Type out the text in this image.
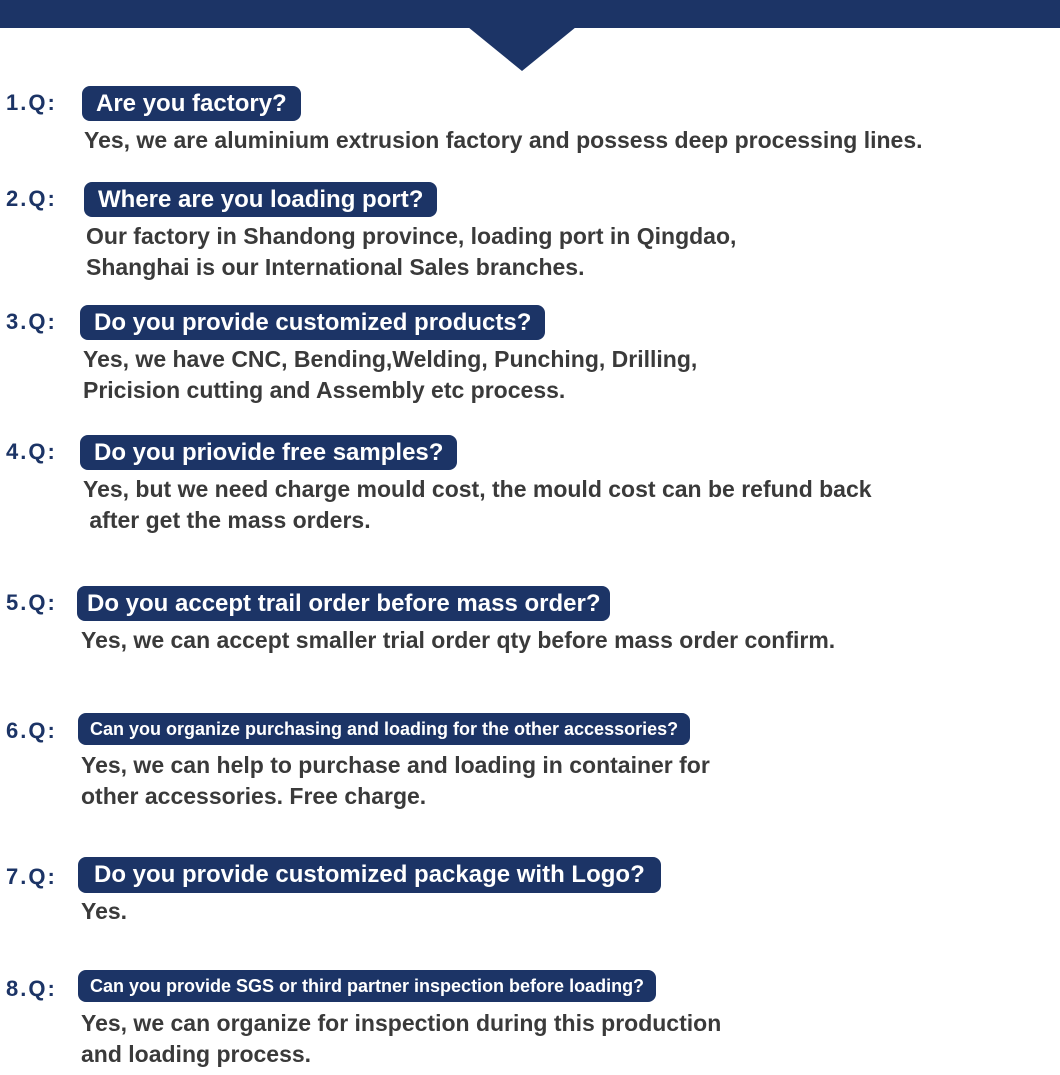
1.Q:	Are you factory?
Yes, we are aluminium extrusion factory and possess deep processing lines.
2.Q:	Where are you loading port?
Our factory in Shandong province, loading port in Qingdao,
Shanghai is our International Sales branches.
3.Q:	Do you provide customized products?
Yes, we have CNC, Bending,Welding, Punching, Drilling,
Pricision cutting and Assembly etc process.
4.Q:	Do you priovide free samples?
Yes, but we need charge mould cost, the mould cost can be refund back
after get the mass orders.
5.Q:	Do you accept trail order before mass order?
Yes, we can accept smaller trial order qty before mass order confirm.
6.Q:	Can you organize purchasing and loading for the other accessories?
Yes, we can help to purchase and loading in container for
other accessories. Free charge.
7.Q:	Do you provide customized package with Logo?
Yes.
8.Q:	Can you provide SGS or third partner inspection before loading?
Yes, we can organize for inspection during this production
and loading process.
